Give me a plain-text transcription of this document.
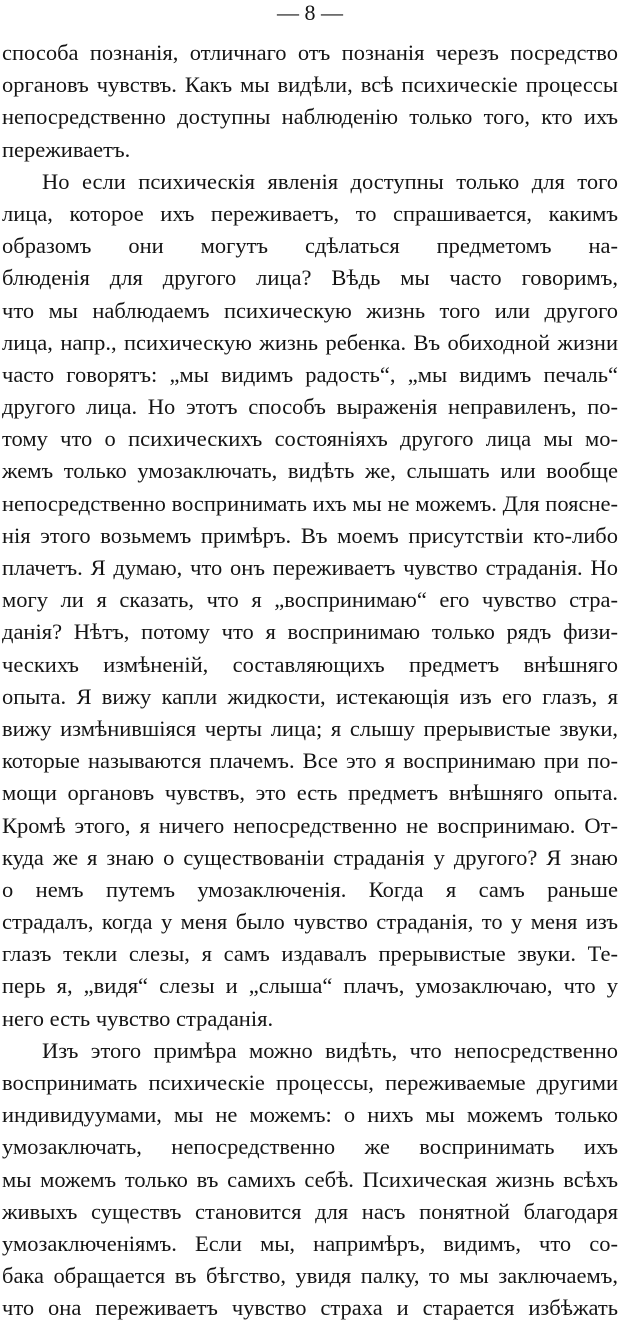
— 8 —
способа познанія, отличнаго отъ познанія черезъ посредство
органовъ чувствъ. Какъ мы видѣли, всѣ психическіе процессы
непосредственно доступны наблюденію только того, кто ихъ
переживаетъ.
Но если психическія явленія доступны только для того
лица, которое ихъ переживаетъ, то спрашивается, какимъ
образомъ они могутъ сдѣлаться предметомъ на-
блюденія для другого лица? Вѣдь мы часто говоримъ,
что мы наблюдаемъ психическую жизнь того или другого
лица, напр., психическую жизнь ребенка. Въ обиходной жизни
часто говорятъ: „мы видимъ радость“, „мы видимъ печаль“
другого лица. Но этотъ способъ выраженія неправиленъ, по-
тому что о психическихъ состояніяхъ другого лица мы мо-
жемъ только умозаключать, видѣть же, слышать или вообще
непосредственно воспринимать ихъ мы не можемъ. Для поясне-
нія этого возьмемъ примѣръ. Въ моемъ присутствіи кто-либо
плачетъ. Я думаю, что онъ переживаетъ чувство страданія. Но
могу ли я сказать, что я „воспринимаю“ его чувство стра-
данія? Нѣтъ, потому что я воспринимаю только рядъ физи-
ческихъ измѣненій, составляющихъ предметъ внѣшняго
опыта. Я вижу капли жидкости, истекающія изъ его глазъ, я
вижу измѣнившіяся черты лица; я слышу прерывистые звуки,
которые называются плачемъ. Все это я воспринимаю при по-
мощи органовъ чувствъ, это есть предметъ внѣшняго опыта.
Кромѣ этого, я ничего непосредственно не воспринимаю. От-
куда же я знаю о существованіи страданія у другого? Я знаю
о немъ путемъ умозаключенія. Когда я самъ раньше
страдалъ, когда у меня было чувство страданія, то у меня изъ
глазъ текли слезы, я самъ издавалъ прерывистые звуки. Те-
перь я, „видя“ слезы и „слыша“ плачъ, умозаключаю, что у
него есть чувство страданія.
Изъ этого примѣра можно видѣть, что непосредственно
воспринимать психическіе процессы, переживаемые другими
индивидуумами, мы не можемъ: о нихъ мы можемъ только
умозаключать, непосредственно же воспринимать ихъ
мы можемъ только въ самихъ себѣ. Психическая жизнь всѣхъ
живыхъ существъ становится для насъ понятной благодаря
умозаключеніямъ. Если мы, напримѣръ, видимъ, что со-
бака обращается въ бѣгство, увидя палку, то мы заключаемъ,
что она переживаетъ чувство страха и старается избѣжать
